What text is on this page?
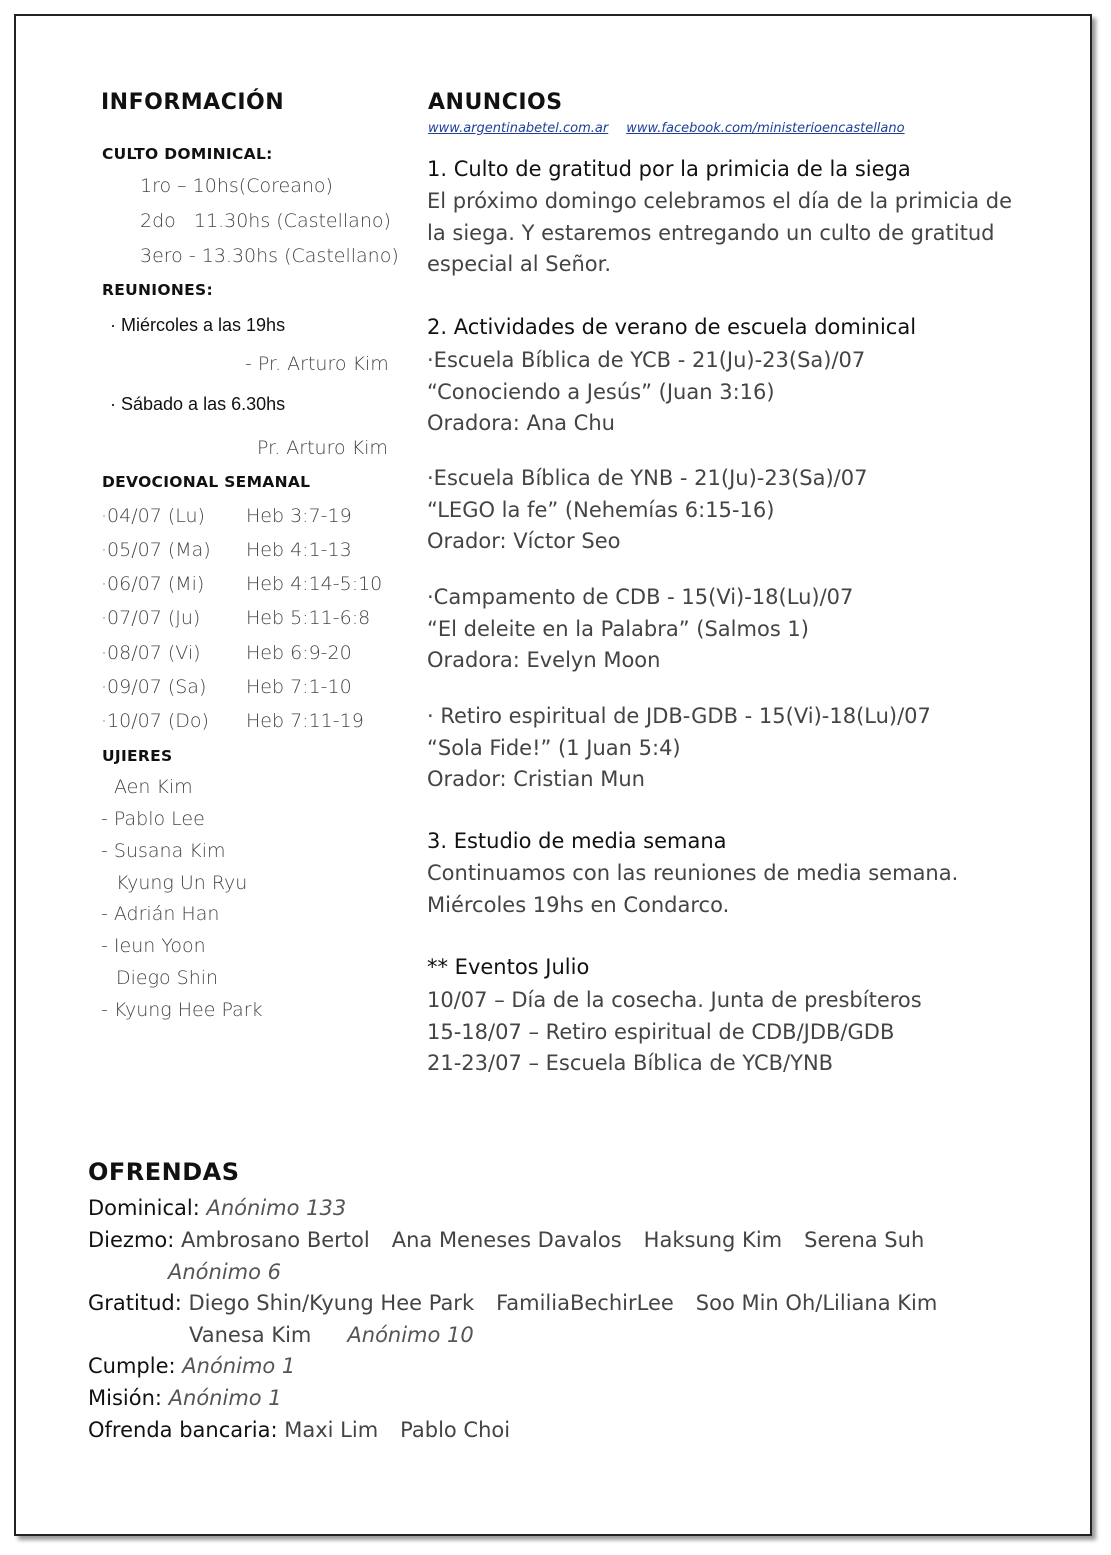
INFORMACIÓN
CULTO DOMINICAL:
1ro – 10hs(Coreano)
2do   11.30hs (Castellano)
3ero - 13.30hs (Castellano)
REUNIONES:
· Miércoles a las 19hs
- Pr. Arturo Kim
· Sábado a las 6.30hs
Pr. Arturo Kim
DEVOCIONAL SEMANAL
·04/07 (Lu) Heb 3:7-19
·05/07 (Ma) Heb 4:1-13
·06/07 (Mi) Heb 4:14-5:10
·07/07 (Ju) Heb 5:11-6:8
·08/07 (Vi) Heb 6:9-20
·09/07 (Sa) Heb 7:1-10
·10/07 (Do) Heb 7:11-19
UJIERES
Aen Kim
- Pablo Lee
- Susana Kim
Kyung Un Ryu
- Adrián Han
- Ieun Yoon
Diego Shin
- Kyung Hee Park
ANUNCIOS
www.argentinabetel.com.ar www.facebook.com/ministerioencastellano
1. Culto de gratitud por la primicia de la siega
El próximo domingo celebramos el día de la primicia de
la siega. Y estaremos entregando un culto de gratitud
especial al Señor.
2. Actividades de verano de escuela dominical
·Escuela Bíblica de YCB - 21(Ju)-23(Sa)/07
“Conociendo a Jesús” (Juan 3:16)
Oradora: Ana Chu
·Escuela Bíblica de YNB - 21(Ju)-23(Sa)/07
“LEGO la fe” (Nehemías 6:15-16)
Orador: Víctor Seo
·Campamento de CDB - 15(Vi)-18(Lu)/07
“El deleite en la Palabra” (Salmos 1)
Oradora: Evelyn Moon
· Retiro espiritual de JDB-GDB - 15(Vi)-18(Lu)/07
“Sola Fide!” (1 Juan 5:4)
Orador: Cristian Mun
3. Estudio de media semana
Continuamos con las reuniones de media semana.
Miércoles 19hs en Condarco.
** Eventos Julio
10/07 – Día de la cosecha. Junta de presbíteros
15-18/07 – Retiro espiritual de CDB/JDB/GDB
21-23/07 – Escuela Bíblica de YCB/YNB
OFRENDAS
Dominical: Anónimo 133
Diezmo: Ambrosano Bertol Ana Meneses Davalos Haksung Kim Serena Suh
Anónimo 6
Gratitud: Diego Shin/Kyung Hee Park FamiliaBechirLee Soo Min Oh/Liliana Kim
Vanesa Kim Anónimo 10
Cumple: Anónimo 1
Misión: Anónimo 1
Ofrenda bancaria: Maxi Lim Pablo Choi
